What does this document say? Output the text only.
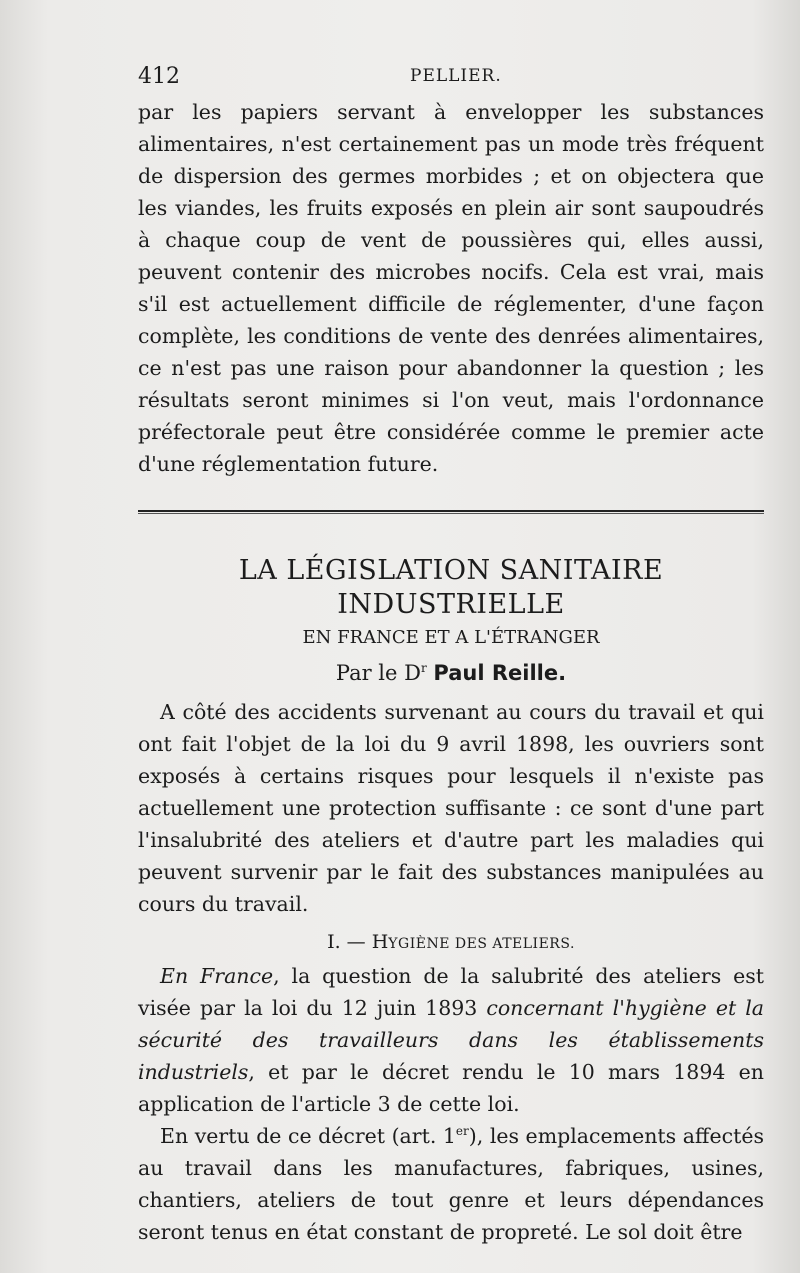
412	PELLIER.

par les papiers servant à envelopper les substances alimentaires, n'est certainement pas un mode très fréquent de dispersion des germes morbides ; et on objectera que les viandes, les fruits exposés en plein air sont saupoudrés à chaque coup de vent de poussières qui, elles aussi, peuvent contenir des microbes nocifs. Cela est vrai, mais s'il est actuellement difficile de réglementer, d'une façon complète, les conditions de vente des denrées alimentaires, ce n'est pas une raison pour abandonner la question ; les résultats seront minimes si l'on veut, mais l'ordonnance préfectorale peut être considérée comme le premier acte d'une réglementation future.

LA LÉGISLATION SANITAIRE INDUSTRIELLE
EN FRANCE ET A L'ÉTRANGER
Par le $D^r$ Paul Reille.

A côté des accidents survenant au cours du travail et qui ont fait l'objet de la loi du 9 avril 1898, les ouvriers sont exposés à certains risques pour lesquels il n'existe pas actuellement une protection suffisante : ce sont d'une part l'insalubrité des ateliers et d'autre part les maladies qui peuvent survenir par le fait des substances manipulées au cours du travail.

I. — HYGIÈNE DES ATELIERS.

En France, la question de la salubrité des ateliers est visée par la loi du 12 juin 1893 concernant l'hygiène et la sécurité des travailleurs dans les établissements industriels, et par le décret rendu le 10 mars 1894 en application de l'article 3 de cette loi.

En vertu de ce décret (art. 1er), les emplacements affectés au travail dans les manufactures, fabriques, usines, chantiers, ateliers de tout genre et leurs dépendances seront tenus en état constant de propreté. Le sol doit être
